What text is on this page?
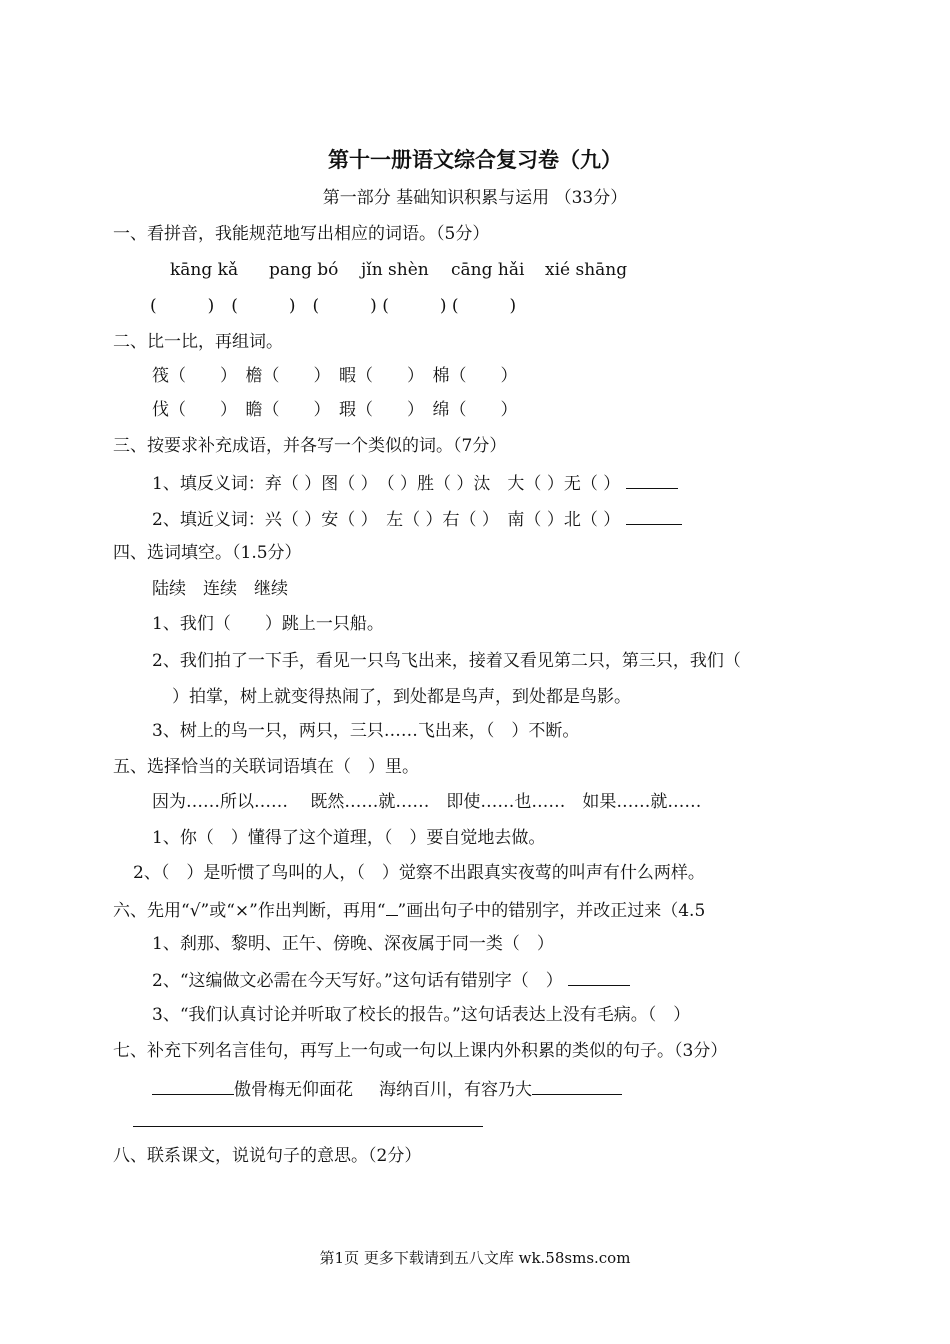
第十一册语文综合复习卷（九）
第一部分 基础知识积累与运用 （33分）
一、看拼音，我能规范地写出相应的词语。（5分）
kāng kǎ pang bó jǐn shèn cāng hǎi xié shāng
(　　　)　(　　　)　(　　　) (　　　) (　　　)
二、比一比，再组词。
筏（　　）　檐（　　）　暇（　　）　棉（　　）
伐（　　）　瞻（　　）　瑕（　　）　绵（　　）
三、按要求补充成语，并各写一个类似的词。（7分）
1、填反义词：弃（ ）图（ ）　（ ）胜（ ）汰　大（ ）无（ ）
2、填近义词：兴（ ）安（ ）　左（ ）右（ ）　南（ ）北（ ）
四、选词填空。（1.5分）
陆续　连续　继续
1、我们（　　）跳上一只船。
2、我们拍了一下手，看见一只鸟飞出来，接着又看见第二只，第三只，我们（
）拍掌，树上就变得热闹了，到处都是鸟声，到处都是鸟影。
3、树上的鸟一只，两只，三只……飞出来，（　）不断。
五、选择恰当的关联词语填在（　）里。
因为……所以……　 既然……就……　即使……也……　如果……就……
1、你（　）懂得了这个道理，（　）要自觉地去做。
2、（　）是听惯了鸟叫的人，（　）觉察不出跟真实夜莺的叫声有什么两样。
六、先用“√”或“×”作出判断，再用“ ”画出句子中的错别字，并改正过来（4.5
1、刹那、黎明、正午、傍晚、深夜属于同一类（　）
2、“这编做文必需在今天写好。”这句话有错别字（　）
3、“我们认真讨论并听取了校长的报告。”这句话表达上没有毛病。（　）
七、补充下列名言佳句，再写上一句或一句以上课内外积累的类似的句子。（3分）
傲骨梅无仰面花 海纳百川，有容乃大
八、联系课文，说说句子的意思。（2分）
第1页 更多下载请到五八文库 wk.58sms.com
